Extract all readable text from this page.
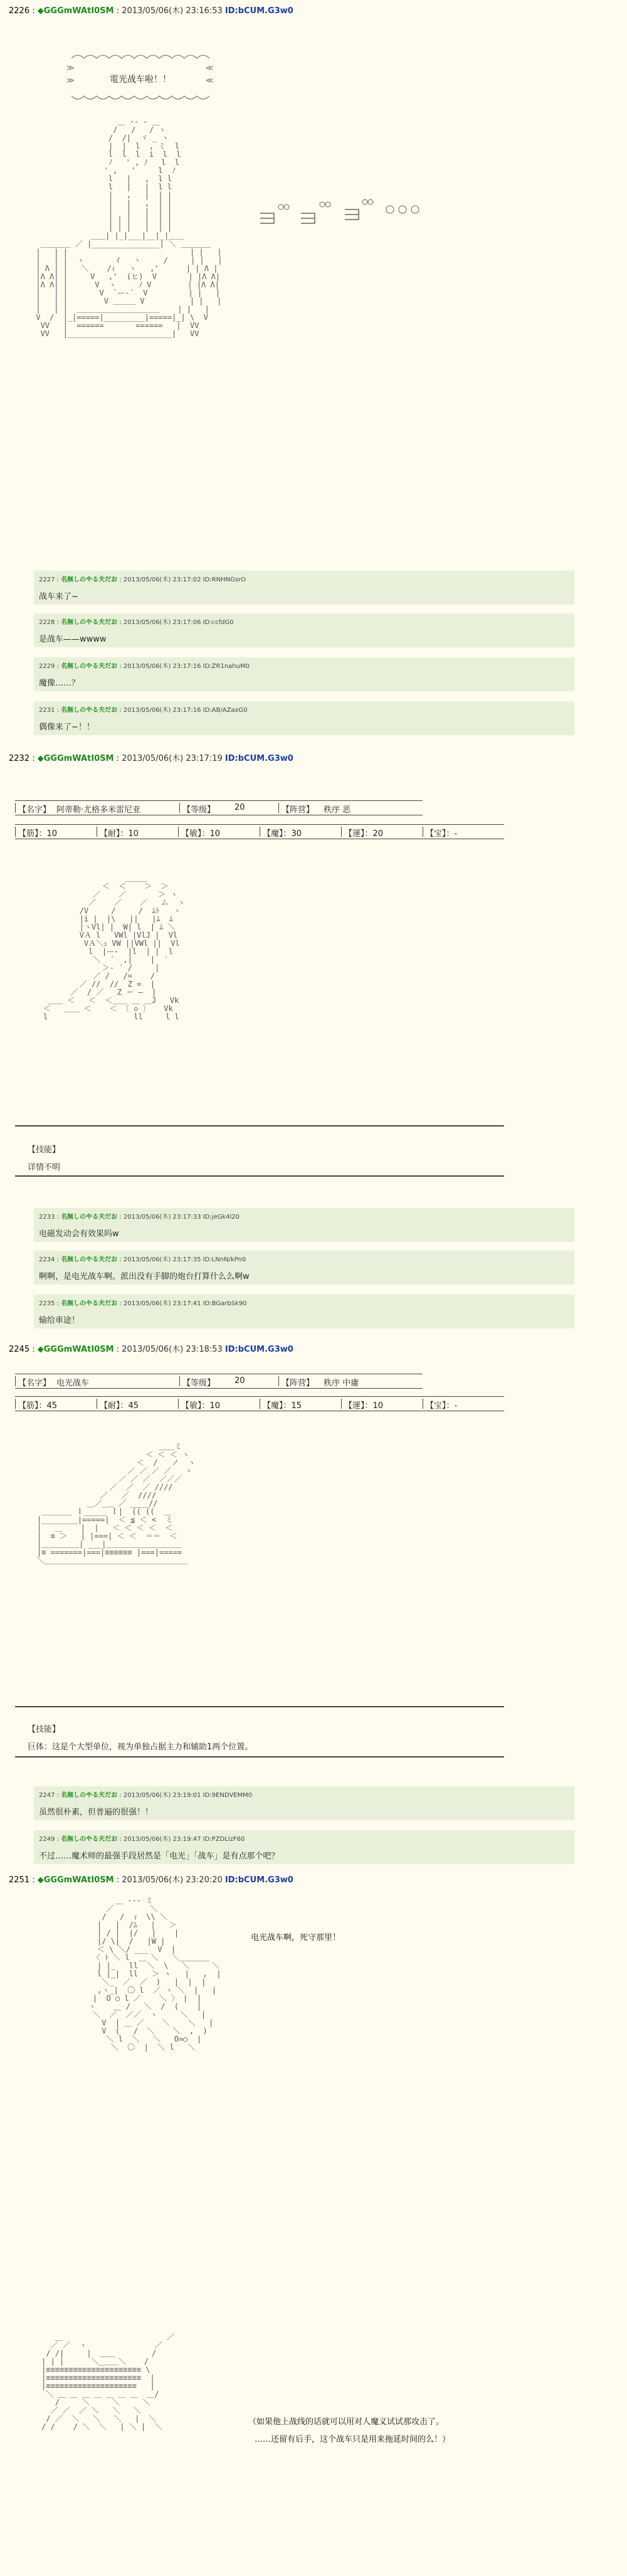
2226 : ◆GGGmWAtI0SM : 2013/05/06(木) 23:16:53 ID:bCUM.G3w0
≫
≫
≪
≪
電光战车啦！！
＿ -‐ - ＿
/   /   / ヽ
/  /|  ヾ _ ヽ
|  |  l  , ミ  l
l  l  l  i  l  l
ﾉ   ' , ﾉ   l  l
' ,   '     l  ﾉ
l   |   ,  l l
l   |   |  l l
|   ,   |  | |
|   |   ,  | |
|   |   |  | |
| | |   |  | |
| | |   |  | |
＿＿| |_|___|__|_|＿＿
＿＿＿＿ ／ |_______________| ＼ ＿＿＿＿
|   | |                           | |   |
|   | |  ヽ       ｲ   ヽ     /     | |   |
| Λ | |   ＼    /ｨ   ヽ   ,'      | | Λ |
|Λ Λ| |     V   ,'  (ヒ)  V       | |Λ Λ|
|Λ Λ| |      V  ヽ     ﾉ V        | |Λ Λ|
|   | |       V  `ー‐´  V         | |   |
|   | |        V ＿＿＿ V          | |   |
|   | |  ＿＿＿＿＿＿＿＿＿＿＿    | |   |
V  /  |_|=====|_________|=====|_| \  V
VV   |  ======       ======   |  VV
VV   |_______________________|   VV
2227 : 名無しのやる夫だお : 2013/05/06(木) 23:17:02 ID:RNHNGsrO
战车来了~
2228 : 名無しのやる夫だお : 2013/05/06(木) 23:17:06 ID:ccfdG0
是战车——wwww
2229 : 名無しのやる夫だお : 2013/05/06(木) 23:17:16 ID:ZR1nahuM0
魔像……？
2231 : 名無しのやる夫だお : 2013/05/06(木) 23:17:16 ID:AB/AZaxG0
偶像来了~！！
2232 : ◆GGGmWAtI0SM : 2013/05/06(木) 23:17:19 ID:bCUM.G3w0
【名字】 阿蒂勒·尤格多米雷尼亚	【等级】	20	【阵营】	秩序 恶
【筋】：10	【耐】：10	【敏】：10	【魔】：30	【運】：20	【宝】：-
＿＿＿
＜  ＜    ＞  ＞
／    ／       ＞ ヽ
／    ／    ／   ム  ヽ
/V     /     /  ﾑﾄ   ヽ
|i |  |\   ||   |ﾑ  ﾑ
|ヽVl| |  W| l  | ﾑ ＼
VＡ l   VWl |VlJ |  Vl
VＡ＼ｭ VW ||VWl ||  Vl
l  |ー‐  |l  | |  l
＼  ´  ,|    |  ′
＞‐ ´ /     |
／ /   /=    /
／ //  //  Z =  |
／  / ／   Z ＝ ―  |
＿＿ ＜   ＜  ＜＿＿ ＿ ＿J   Vk
＜   ＿＿ ＜    ＜ 〔 ◇ 〕   Vk
l                   ll     l l
【技能】
详情不明
2233 : 名無しのやる夫だお : 2013/05/06(木) 23:17:33 ID:jeGk4l20
电磁发动会有效果吗w
2234 : 名無しのやる夫だお : 2013/05/06(木) 23:17:35 ID:LNnN/kPn0
啊啊，是电光战车啊。派出没有手脚的炮台打算什么么啊w
2235 : 名無しのやる夫だお : 2013/05/06(木) 23:17:41 ID:BGarbSk90
输给車途！
2245 : ◆GGGmWAtI0SM : 2013/05/06(木) 23:18:53 ID:bCUM.G3w0
【名字】 电光战车	【等级】	20	【阵营】	秩序 中庸
【筋】：45	【耐】：45	【敏】：10	【魔】：15	【運】：10	【宝】：-
＿＿ミ
＜ ＜ ＜ ヽ
＜  /   ノ  ヽ
／ ／ ／ ／   ヽ
／ ／ ／  ／／／
／  ／  ／ ////
／   ／  ////
＿／_＿ ／ ____//
＿＿＿＿ ｌ_____ ｌ|  (( ((  ＿
|________|=====|  ＜ ≦ ＜ <  ミ
|   ＿    |  |   ＜ ＜ ＜ ＜  ＜
|  ≡ ＞   | |===| ＜ ＜  ＝＝  ＜
|＿＿＿＿＿| ___|＿＿＿＿＿＿＿＿＿＿
|≡ =======|===|≡≡≡≡≡≡ |===|=====
＼＿＿＿＿＿＿＿＿＿＿＿＿＿＿＿＿＿＿＿
【技能】
巨体：这是个大型单位，视为单独占据主力和辅助1两个位置。
2247 : 名無しのやる夫だお : 2013/05/06(木) 23:19:01 ID:9ENDVEMM0
虽然很朴素，但普遍的很强！！
2249 : 名無しのやる夫だお : 2013/05/06(木) 23:19:47 ID:PZDLlzF60
不过……魔术师的最强手段居然是「电光」「战车」是有点那个吧？
2251 : ◆GGGmWAtI0SM : 2013/05/06(木) 23:20:20 ID:bCUM.G3w0
＿ -‐‐ ミ
／        ＼
/   /  ｨ  \\ ＼
|   |  /ﾑ   |   ＞
| / |  |/   |    |
|/ \|  /   |W |
＜ \ ＼/ ___  V  |
〈 ﾄ ＼ l  ＿ ＼   ＼＿＿＿＿
| |_   ll  ＼  \   ＼     ＼
l |_|  ll   ＞ ヽ   |   ,  |
＼_  ／  ／  )   |  |  |
,ヽ_|  〇 l  ／ ヽ ＼  |   |
|  O ○ l ／    ＼ 〉 |  |
ヽ    ＿ /   ＼  /  (    |
＼  ／  ／／  ヽ     ＼   |
V  | ＿ ／    ＼    ＼   |
V  (   /  ＼    ＼  ,  )
＼ l  ＼   ＼   O=○  |
＼  〇  |  ＼ l   ＼
电光战车啊，死守那里！
＿                       ／
／ ／  ヽ               ／
/ /|     |  ＿＿        /
| | |      ＼_＿＿＼    /
|≡≡≡≡≡≡≡≡≡≡≡≡≡≡≡≡≡≡≡≡≡ \
|≡≡≡≡≡≡≡≡≡≡≡≡≡≡≡≡≡≡≡≡≡  |
|≡≡≡≡≡≡≡≡≡≡≡≡≡≡≡≡≡≡≡≡   |
＼ ＿ ＿ ＿ ＿ ＿ ＿ ＿  ＿/
/     ＼     ＼     ＼
／ ／  ／ ＼   ＼   ＼
/ ／  ＼   ＼   ＼   |  ＼
/ /    / ＼  ＼   | ＼ |  ＼	（如果他上战线的话就可以用对人魔义试试那攻击了。
……还留有后手，这个战车只是用来拖延时间的么！）
